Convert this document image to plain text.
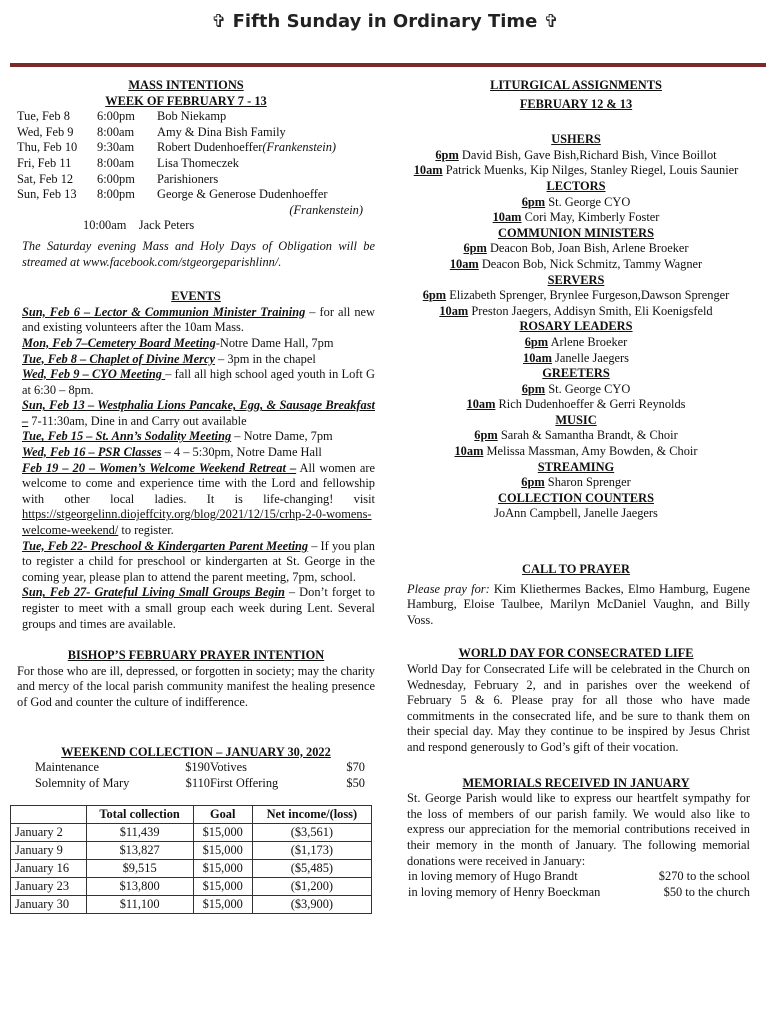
✞ Fifth Sunday in Ordinary Time ✞
MASS INTENTIONS
WEEK OF FEBRUARY 7 - 13
Tue, Feb 8	6:00pm	Bob Niekamp
Wed, Feb 9	8:00am	Amy & Dina Bish Family
Thu, Feb 10	9:30am	Robert Dudenhoeffer(Frankenstein)
Fri, Feb 11	8:00am	Lisa Thomeczek
Sat, Feb 12	6:00pm	Parishioners
Sun, Feb 13	8:00pm	George & Generose Dudenhoeffer
(Frankenstein)
10:00am Jack Peters
The Saturday evening Mass and Holy Days of Obligation will be streamed at www.facebook.com/stgeorgeparishlinn/.
EVENTS
Sun, Feb 6 – Lector & Communion Minister Training – for all new and existing volunteers after the 10am Mass.
Mon, Feb 7–Cemetery Board Meeting-Notre Dame Hall, 7pm
Tue, Feb 8 – Chaplet of Divine Mercy – 3pm in the chapel
Wed, Feb 9 – CYO Meeting – fall all high school aged youth in Loft G at 6:30 – 8pm.
Sun, Feb 13 – Westphalia Lions Pancake, Egg, & Sausage Breakfast – 7-11:30am, Dine in and Carry out available
Tue, Feb 15 – St. Ann’s Sodality Meeting – Notre Dame, 7pm
Wed, Feb 16 – PSR Classes – 4 – 5:30pm, Notre Dame Hall
Feb 19 – 20 – Women’s Welcome Weekend Retreat – All women are welcome to come and experience time with the Lord and fellowship with other local ladies. It is life-changing! visit https://stgeorgelinn.diojeffcity.org/blog/2021/12/15/crhp-2-0-womens-welcome-weekend/ to register.
Tue, Feb 22- Preschool & Kindergarten Parent Meeting – If you plan to register a child for preschool or kindergarten at St. George in the coming year, please plan to attend the parent meeting, 7pm, school.
Sun, Feb 27- Grateful Living Small Groups Begin – Don’t forget to register to meet with a small group each week during Lent. Several groups and times are available.
BISHOP’S FEBRUARY PRAYER INTENTION
For those who are ill, depressed, or forgotten in society; may the charity and mercy of the local parish community manifest the healing presence of God and counter the culture of indifference.
WEEKEND COLLECTION – JANUARY 30, 2022
Maintenance	$190 Votives	$70
Solemnity of Mary	$110 First Offering	$50
	Total collection	Goal	Net income/(loss)
January 2	$11,439	$15,000	($3,561)
January 9	$13,827	$15,000	($1,173)
January 16	$9,515	$15,000	($5,485)
January 23	$13,800	$15,000	($1,200)
January 30	$11,100	$15,000	($3,900)
LITURGICAL ASSIGNMENTS
FEBRUARY 12 & 13
USHERS
6pm David Bish, Gave Bish,Richard Bish, Vince Boillot
10am Patrick Muenks, Kip Nilges, Stanley Riegel, Louis Saunier
LECTORS
6pm St. George CYO
10am Cori May, Kimberly Foster
COMMUNION MINISTERS
6pm Deacon Bob, Joan Bish, Arlene Broeker
10am Deacon Bob, Nick Schmitz, Tammy Wagner
SERVERS
6pm Elizabeth Sprenger, Brynlee Furgeson,Dawson Sprenger
10am Preston Jaegers, Addisyn Smith, Eli Koenigsfeld
ROSARY LEADERS
6pm Arlene Broeker
10am Janelle Jaegers
GREETERS
6pm St. George CYO
10am Rich Dudenhoeffer & Gerri Reynolds
MUSIC
6pm Sarah & Samantha Brandt, & Choir
10am Melissa Massman, Amy Bowden, & Choir
STREAMING
6pm Sharon Sprenger
COLLECTION COUNTERS
JoAnn Campbell, Janelle Jaegers
CALL TO PRAYER
Please pray for: Kim Kliethermes Backes, Elmo Hamburg, Eugene Hamburg, Eloise Taulbee, Marilyn McDaniel Vaughn, and Billy Voss.
WORLD DAY FOR CONSECRATED LIFE
World Day for Consecrated Life will be celebrated in the Church on Wednesday, February 2, and in parishes over the weekend of February 5 & 6. Please pray for all those who have made commitments in the consecrated life, and be sure to thank them on their special day. May they continue to be inspired by Jesus Christ and respond generously to God’s gift of their vocation.
MEMORIALS RECEIVED IN JANUARY
St. George Parish would like to express our heartfelt sympathy for the loss of members of our parish family. We would also like to express our appreciation for the memorial contributions received in their memory in the month of January. The following memorial donations were received in January:
in loving memory of Hugo Brandt	$270 to the school
in loving memory of Henry Boeckman	$50 to the church
